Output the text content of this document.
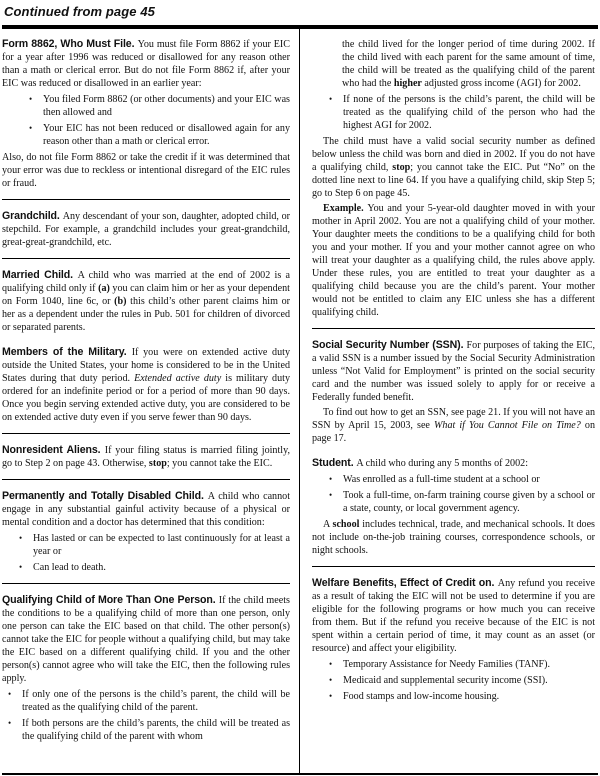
Continued from page 45

Form 8862, Who Must File. You must file Form 8862 if your EIC for a year after 1996 was reduced or disallowed for any reason other than a math or clerical error. But do not file Form 8862 if, after your EIC was reduced or disallowed in an earlier year:

•	You filed Form 8862 (or other documents) and your EIC was then allowed and
•	Your EIC has not been reduced or disallowed again for any reason other than a math or clerical error.

Also, do not file Form 8862 or take the credit if it was determined that your error was due to reckless or intentional disregard of the EIC rules or fraud.

Grandchild. Any descendant of your son, daughter, adopted child, or stepchild. For example, a grandchild includes your great-grandchild, great-great-grandchild, etc.

Married Child. A child who was married at the end of 2002 is a qualifying child only if (a) you can claim him or her as your dependent on Form 1040, line 6c, or (b) this child’s other parent claims him or her as a dependent under the rules in Pub. 501 for children of divorced or separated parents.

Members of the Military. If you were on extended active duty outside the United States, your home is considered to be in the United States during that duty period. Extended active duty is military duty ordered for an indefinite period or for a period of more than 90 days. Once you begin serving extended active duty, you are considered to be on extended active duty even if you serve fewer than 90 days.

Nonresident Aliens. If your filing status is married filing jointly, go to Step 2 on page 43. Otherwise, stop; you cannot take the EIC.

Permanently and Totally Disabled Child. A child who cannot engage in any substantial gainful activity because of a physical or mental condition and a doctor has determined that this condition:

•	Has lasted or can be expected to last continuously for at least a year or
•	Can lead to death.

Qualifying Child of More Than One Person. If the child meets the conditions to be a qualifying child of more than one person, only one person can take the EIC based on that child. The other person(s) cannot take the EIC for people without a qualifying child, but may take the EIC based on a different qualifying child. If you and the other person(s) cannot agree who will take the EIC, then the following rules apply.

•	If only one of the persons is the child’s parent, the child will be treated as the qualifying child of the parent.
•	If both persons are the child’s parents, the child will be treated as the qualifying child of the parent with whom

the child lived for the longer period of time during 2002. If the child lived with each parent for the same amount of time, the child will be treated as the qualifying child of the parent who had the higher adjusted gross income (AGI) for 2002.

•	If none of the persons is the child’s parent, the child will be treated as the qualifying child of the person who had the highest AGI for 2002.

The child must have a valid social security number as defined below unless the child was born and died in 2002. If you do not have a qualifying child, stop; you cannot take the EIC. Put “No” on the dotted line next to line 64. If you have a qualifying child, skip Step 5; go to Step 6 on page 45.

Example. You and your 5-year-old daughter moved in with your mother in April 2002. You are not a qualifying child of your mother. Your daughter meets the conditions to be a qualifying child for both you and your mother. If you and your mother cannot agree on who will treat your daughter as a qualifying child, the rules above apply. Under these rules, you are entitled to treat your daughter as a qualifying child because you are the child’s parent. Your mother would not be entitled to claim any EIC unless she has a different qualifying child.

Social Security Number (SSN). For purposes of taking the EIC, a valid SSN is a number issued by the Social Security Administration unless “Not Valid for Employment” is printed on the social security card and the number was issued solely to apply for or receive a Federally funded benefit.

To find out how to get an SSN, see page 21. If you will not have an SSN by April 15, 2003, see What if You Cannot File on Time? on page 17.

Student. A child who during any 5 months of 2002:

•	Was enrolled as a full-time student at a school or
•	Took a full-time, on-farm training course given by a school or a state, county, or local government agency.

A school includes technical, trade, and mechanical schools. It does not include on-the-job training courses, correspondence schools, or night schools.

Welfare Benefits, Effect of Credit on. Any refund you receive as a result of taking the EIC will not be used to determine if you are eligible for the following programs or how much you can receive from them. But if the refund you receive because of the EIC is not spent within a certain period of time, it may count as an asset (or resource) and affect your eligibility.

•	Temporary Assistance for Needy Families (TANF).
•	Medicaid and supplemental security income (SSI).
•	Food stamps and low-income housing.
